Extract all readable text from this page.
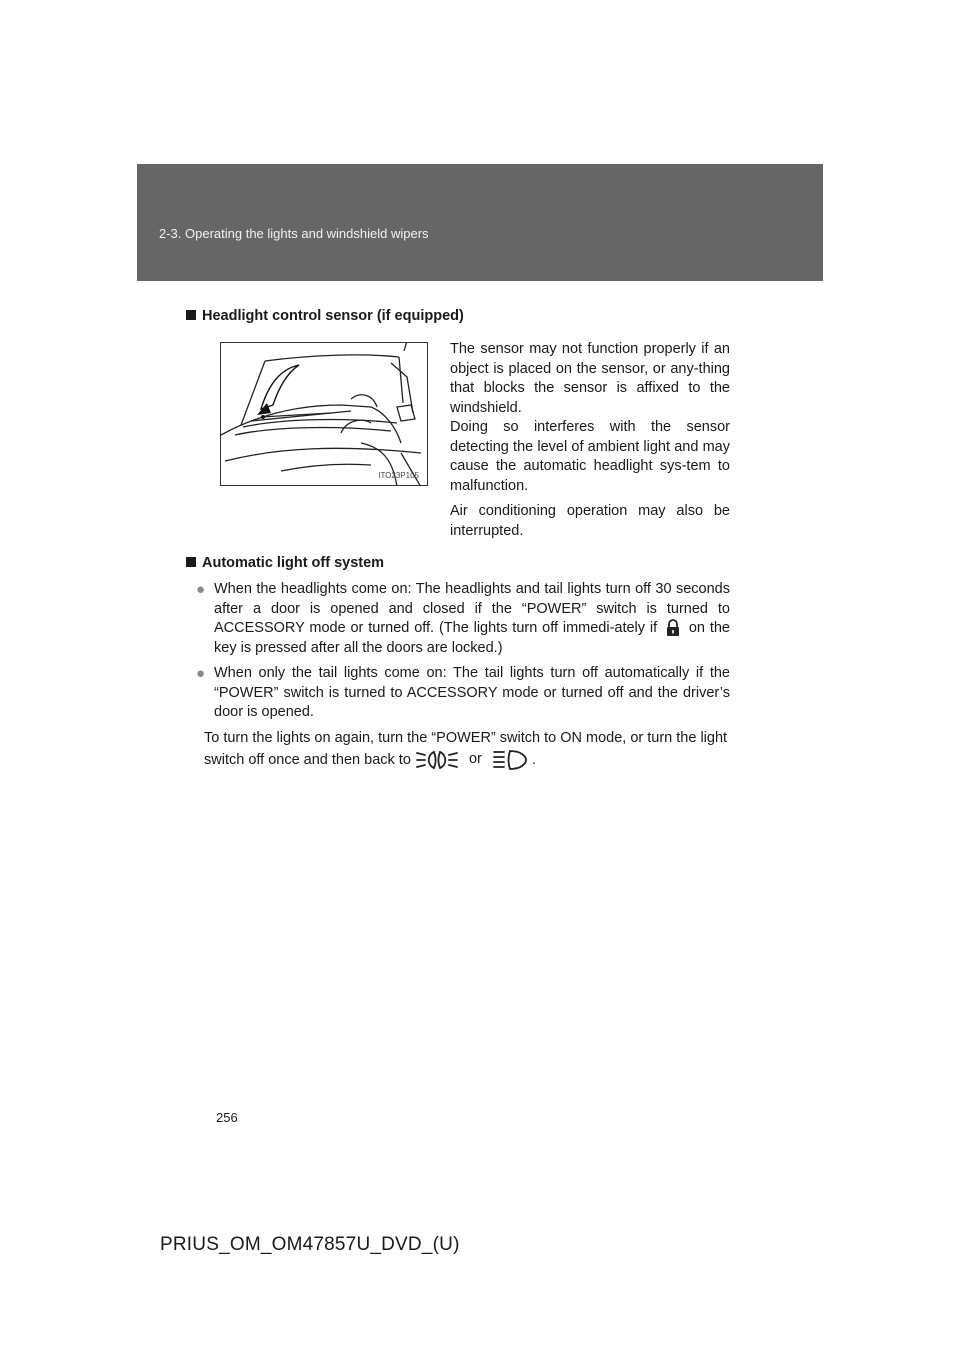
2-3. Operating the lights and windshield wipers
Headlight control sensor (if equipped)
ITO23P105
The sensor may not function properly if an object is placed on the sensor, or any-thing that blocks the sensor is affixed to the windshield.
Doing so interferes with the sensor detecting the level of ambient light and may cause the automatic headlight sys-tem to malfunction.
Air conditioning operation may also be interrupted.
Automatic light off system
● When the headlights come on: The headlights and tail lights turn off 30 seconds after a door is opened and closed if the “POWER” switch is turned to ACCESSORY mode or turned off. (The lights turn off immedi-ately if on the key is pressed after all the doors are locked.)
● When only the tail lights come on: The tail lights turn off automatically if the “POWER” switch is turned to ACCESSORY mode or turned off and the driver’s door is opened.
To turn the lights on again, turn the “POWER” switch to ON mode, or turn the light switch off once and then back to	or	.
256
PRIUS_OM_OM47857U_DVD_(U)
